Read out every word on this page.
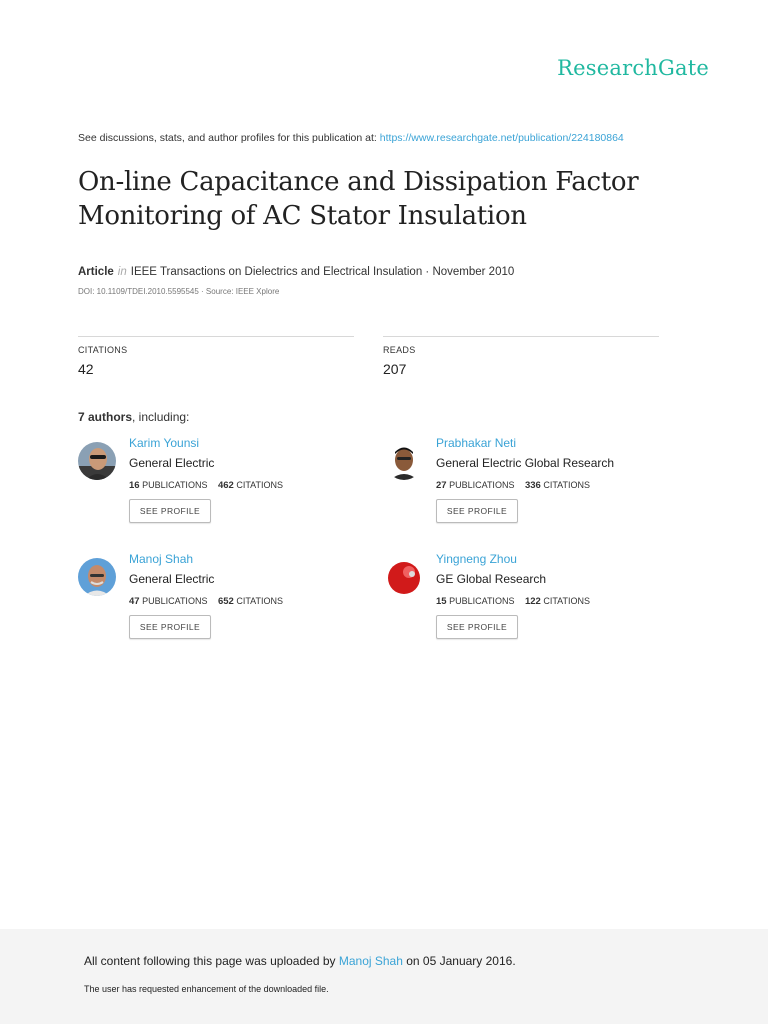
ResearchGate
See discussions, stats, and author profiles for this publication at: https://www.researchgate.net/publication/224180864
On-line Capacitance and Dissipation Factor
Monitoring of AC Stator Insulation
Article in IEEE Transactions on Dielectrics and Electrical Insulation · November 2010
DOI: 10.1109/TDEI.2010.5595545 · Source: IEEE Xplore
CITATIONS
42
READS
207
7 authors, including:
Karim Younsi
General Electric
16 PUBLICATIONS 462 CITATIONS
SEE PROFILE
Prabhakar Neti
General Electric Global Research
27 PUBLICATIONS 336 CITATIONS
SEE PROFILE
Manoj Shah
General Electric
47 PUBLICATIONS 652 CITATIONS
SEE PROFILE
Yingneng Zhou
GE Global Research
15 PUBLICATIONS 122 CITATIONS
SEE PROFILE
All content following this page was uploaded by Manoj Shah on 05 January 2016.
The user has requested enhancement of the downloaded file.
